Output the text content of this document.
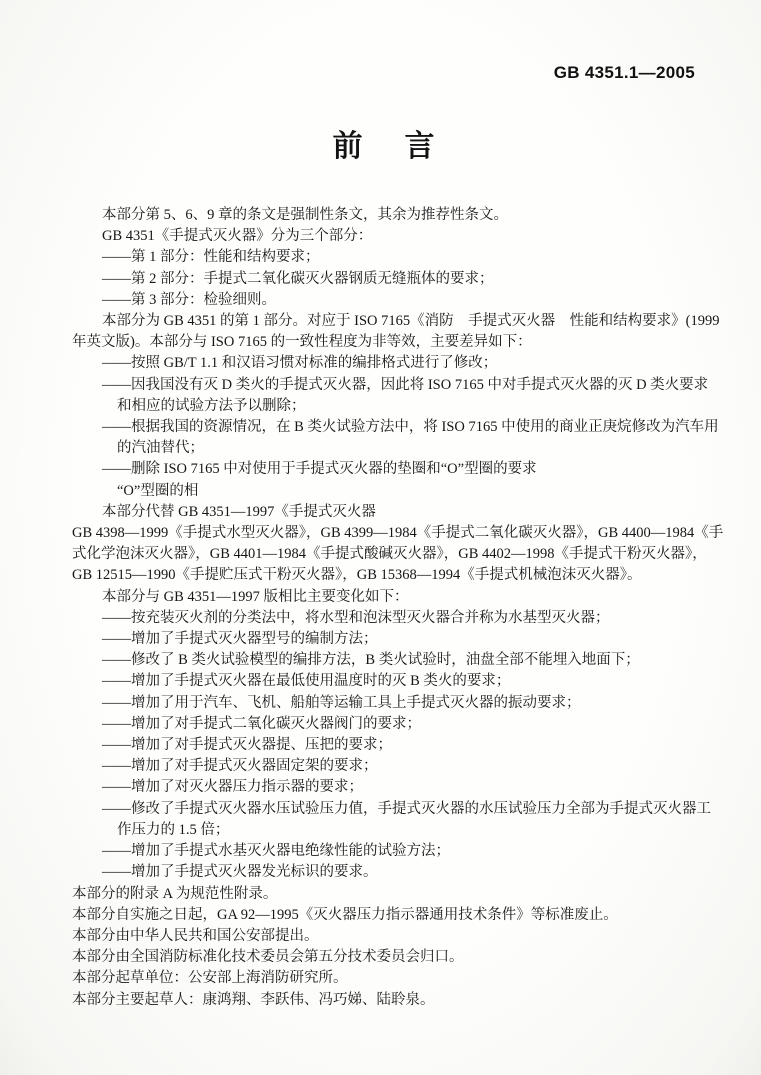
GB 4351.1—2005
前 言
本部分第 5、6、9 章的条文是强制性条文，其余为推荐性条文。
GB 4351《手提式灭火器》分为三个部分：
——第 1 部分：性能和结构要求；
——第 2 部分：手提式二氧化碳灭火器钢质无缝瓶体的要求；
——第 3 部分：检验细则。
本部分为 GB 4351 的第 1 部分。对应于 ISO 7165《消防　手提式灭火器　性能和结构要求》(1999
年英文版)。本部分与 ISO 7165 的一致性程度为非等效，主要差异如下：
——按照 GB/T 1.1 和汉语习惯对标准的编排格式进行了修改；
——因我国没有灭 D 类火的手提式灭火器，因此将 ISO 7165 中对手提式灭火器的灭 D 类火要求
和相应的试验方法予以删除；
——根据我国的资源情况，在 B 类火试验方法中，将 ISO 7165 中使用的商业正庚烷修改为汽车用
的汽油替代；
——删除 ISO 7165 中对使用于手提式灭火器的垫圈和“O”型圈的要求
“O”型圈的相
本部分代替 GB 4351—1997《手提式灭火器
GB 4398—1999《手提式水型灭火器》，GB 4399—1984《手提式二氧化碳灭火器》，GB 4400—1984《手
式化学泡沫灭火器》，GB 4401—1984《手提式酸碱灭火器》，GB 4402—1998《手提式干粉灭火器》，
GB 12515—1990《手提贮压式干粉灭火器》，GB 15368—1994《手提式机械泡沫灭火器》。
本部分与 GB 4351—1997 版相比主要变化如下：
——按充装灭火剂的分类法中，将水型和泡沫型灭火器合并称为水基型灭火器；
——增加了手提式灭火器型号的编制方法；
——修改了 B 类火试验模型的编排方法，B 类火试验时，油盘全部不能埋入地面下；
——增加了手提式灭火器在最低使用温度时的灭 B 类火的要求；
——增加了用于汽车、飞机、船舶等运输工具上手提式灭火器的振动要求；
——增加了对手提式二氧化碳灭火器阀门的要求；
——增加了对手提式灭火器提、压把的要求；
——增加了对手提式灭火器固定架的要求；
——增加了对灭火器压力指示器的要求；
——修改了手提式灭火器水压试验压力值，手提式灭火器的水压试验压力全部为手提式灭火器工
作压力的 1.5 倍；
——增加了手提式水基灭火器电绝缘性能的试验方法；
——增加了手提式灭火器发光标识的要求。
本部分的附录 A 为规范性附录。
本部分自实施之日起，GA 92—1995《灭火器压力指示器通用技术条件》等标准废止。
本部分由中华人民共和国公安部提出。
本部分由全国消防标准化技术委员会第五分技术委员会归口。
本部分起草单位：公安部上海消防研究所。
本部分主要起草人：康鸿翔、李跃伟、冯巧娣、陆聆泉。
